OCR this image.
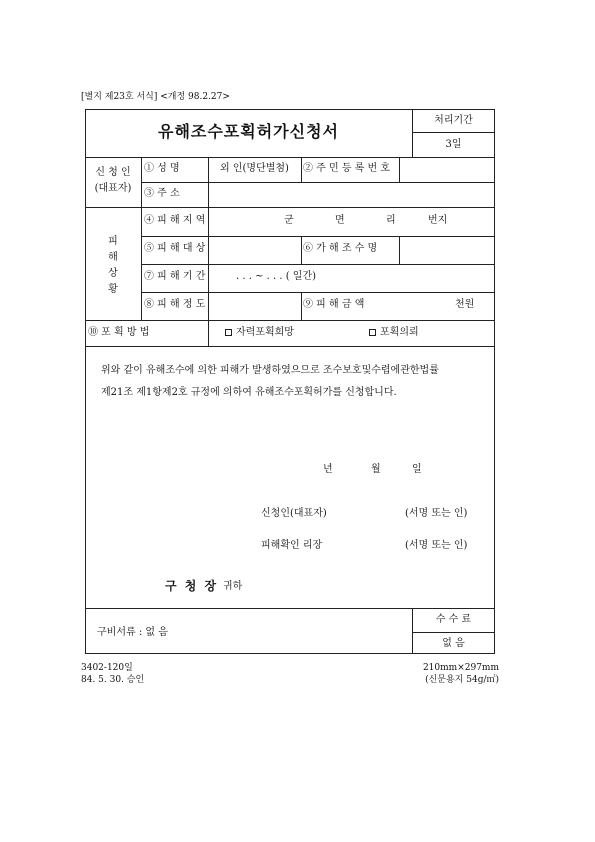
[별지 제23호 서식] <개정 98.2.27>
유해조수포획허가신청서
처리기간
3일
신 청 인
(대표자)
① 성 명	외 인(명단별첨)	② 주 민 등 록 번 호
③ 주 소
피
해
상
황
④ 피 해 지 역	군	면	리	번지
⑤ 피 해 대 상	⑥ 가 해 조 수 명
⑦ 피 해 기 간	. . . ~ . . . ( 일간)
⑧ 피 해 정 도	⑨ 피 해 금 액	천원
⑩ 포 획 방 법	자력포획희망	포획의뢰
위와 같이 유해조수에 의한 피해가 발생하였으므로 조수보호및수렵에관한법률
제21조 제1항제2호 규정에 의하여 유해조수포획허가를 신청합니다.
년	월	일
신청인(대표자)	(서명 또는 인)
피해확인 리장	(서명 또는 인)
구 청 장 귀하
구비서류 : 없 음
수 수 료
없 음
3402-120일
84. 5. 30. 승인
210mm×297mm
(신문용지 54g/㎡)
